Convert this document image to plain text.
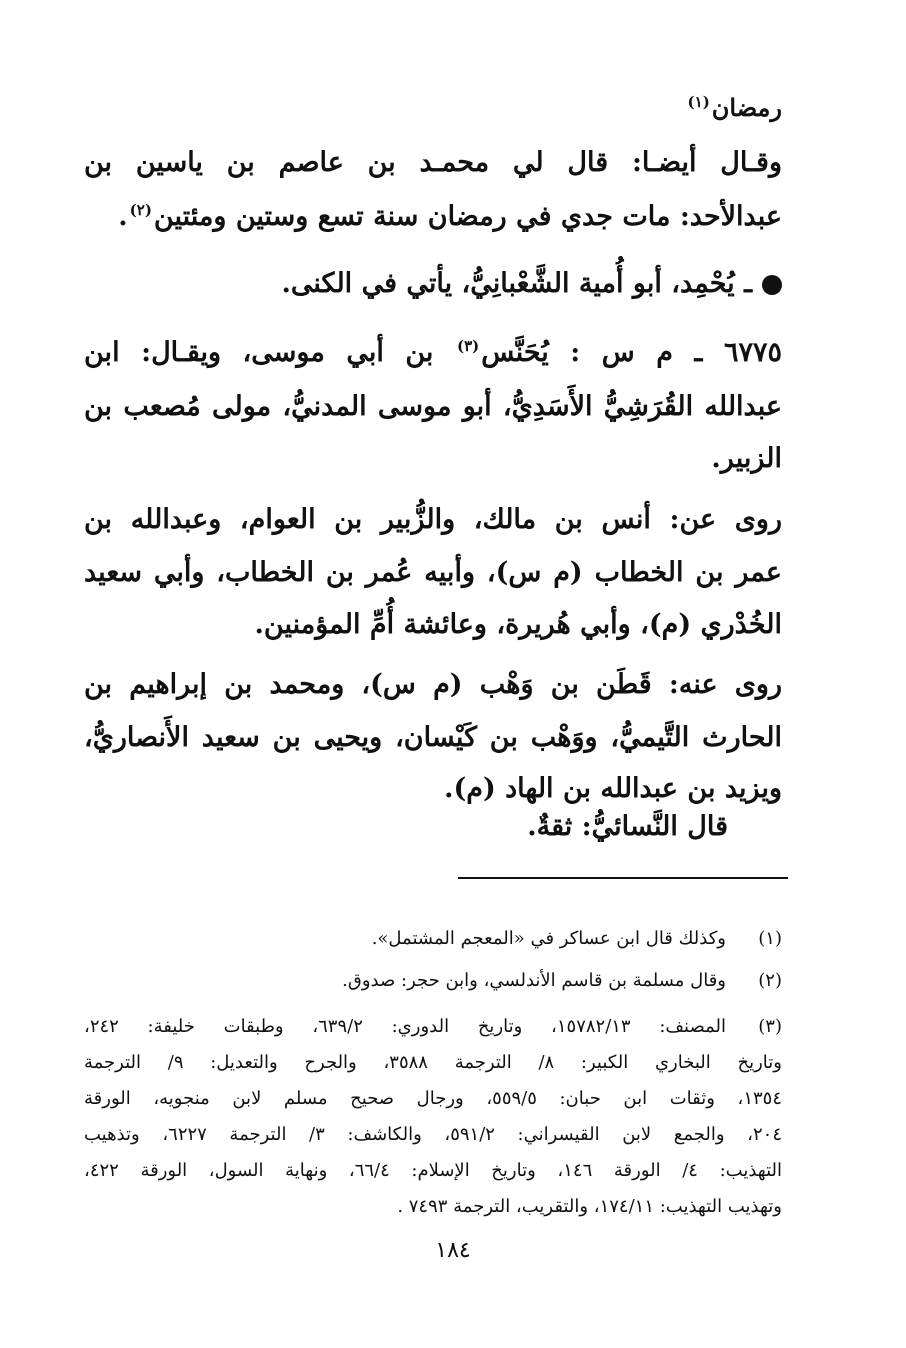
رمضان$^{(١)}$
وقـال أيضـا: قال لي محمـد بن عاصم بن ياسين بن
عبدالأحد: مات جدي في رمضان سنة تسع وستين ومئتين$^{(٢)}$.
ـ يُحْمِد، أبو أُمية الشَّعْبانِيُّ، يأتي في الكنى.
٦٧٧٥ ـ م س : يُحَنَّس$^{(٣)}$ بن أبي موسى، ويقـال: ابن
عبدالله القُرَشِيُّ الأَسَدِيُّ، أبو موسى المدنيُّ، مولى مُصعب بن
الزبير.
روى عن: أنس بن مالك، والزُّبير بن العوام، وعبدالله بن
عمر بن الخطاب (م س)، وأبيه عُمر بن الخطاب، وأبي سعيد
الخُدْري (م)، وأبي هُريرة، وعائشة أُمِّ المؤمنين.
روى عنه: قَطَن بن وَهْب (م س)، ومحمد بن إبراهيم بن
الحارث التَّيميُّ، ووَهْب بن كَيْسان، ويحيى بن سعيد الأَنصاريُّ،
ويزيد بن عبدالله بن الهاد (م).
قال النَّسائيُّ: ثقةٌ.
(١)
وكذلك قال ابن عساكر في «المعجم المشتمل».
(٢)
وقال مسلمة بن قاسم الأندلسي، وابن حجر: صدوق.
(٣)
المصنف: ١٥٧٨٢/١٣، وتاريخ الدوري: ٦٣٩/٢، وطبقات خليفة: ٢٤٢،
وتاريخ البخاري الكبير: ٨/ الترجمة ٣٥٨٨، والجرح والتعديل: ٩/ الترجمة
١٣٥٤، وثقات ابن حبان: ٥٥٩/٥، ورجال صحيح مسلم لابن منجويه، الورقة
٢٠٤، والجمع لابن القيسراني: ٥٩١/٢، والكاشف: ٣/ الترجمة ٦٢٢٧، وتذهيب
التهذيب: ٤/ الورقة ١٤٦، وتاريخ الإسلام: ٦٦/٤، ونهاية السول، الورقة ٤٢٢،
وتهذيب التهذيب: ١٧٤/١١، والتقريب، الترجمة ٧٤٩٣ .
١٨٤
